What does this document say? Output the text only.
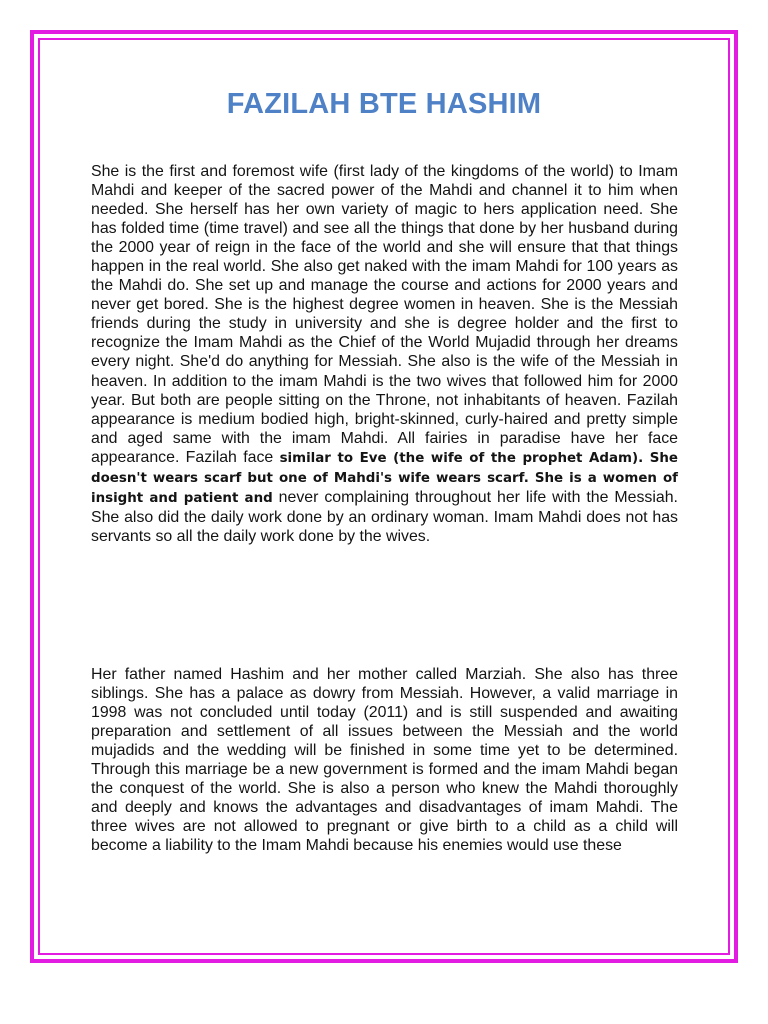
FAZILAH BTE HASHIM

She is the first and foremost wife (first lady of the kingdoms of the world) to Imam Mahdi and keeper of the sacred power of the Mahdi and channel it to him when needed. She herself has her own variety of magic to hers application need. She has folded time (time travel) and see all the things that done by her husband during the 2000 year of reign in the face of the world and she will ensure that that things happen in the real world. She also get naked with the imam Mahdi for 100 years as the Mahdi do. She set up and manage the course and actions for 2000 years and never get bored. She is the highest degree women in heaven. She is the Messiah friends during the study in university and she is degree holder and the first to recognize the Imam Mahdi as the Chief of the World Mujadid through her dreams every night. She'd do anything for Messiah. She also is the wife of the Messiah in heaven. In addition to the imam Mahdi is the two wives that followed him for 2000 year. But both are people sitting on the Throne, not inhabitants of heaven. Fazilah appearance is medium bodied high, bright-skinned, curly-haired and pretty simple and aged same with the imam Mahdi. All fairies in paradise have her face appearance. Fazilah face similar to Eve (the wife of the prophet Adam). She doesn't wears scarf but one of Mahdi's wife wears scarf. She is a women of insight and patient and never complaining throughout her life with the Messiah. She also did the daily work done by an ordinary woman. Imam Mahdi does not has servants so all the daily work done by the wives.

Her father named Hashim and her mother called Marziah. She also has three siblings. She has a palace as dowry from Messiah. However, a valid marriage in 1998 was not concluded until today (2011) and is still suspended and awaiting preparation and settlement of all issues between the Messiah and the world mujadids and the wedding will be finished in some time yet to be determined. Through this marriage be a new government is formed and the imam Mahdi began the conquest of the world. She is also a person who knew the Mahdi thoroughly and deeply and knows the advantages and disadvantages of imam Mahdi. The three wives are not allowed to pregnant or give birth to a child as a child will become a liability to the Imam Mahdi because his enemies would use these
